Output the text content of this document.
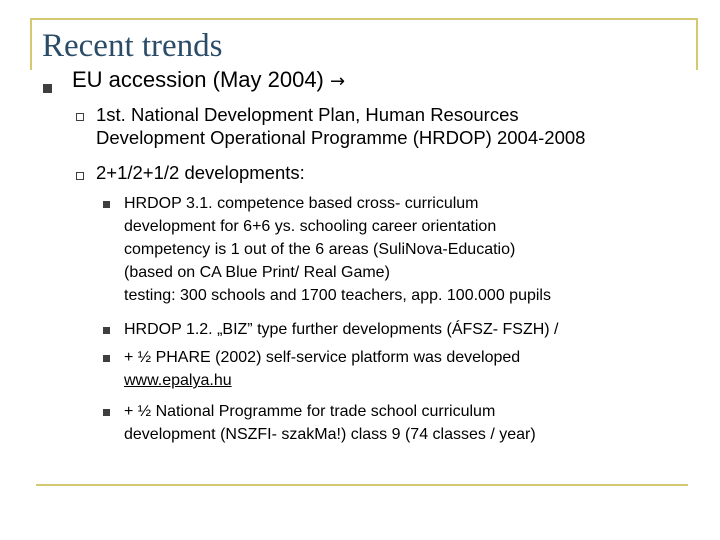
Recent trends
EU accession (May 2004) →
1st. National Development Plan, Human Resources
Development Operational Programme (HRDOP) 2004-2008
2+1/2+1/2 developments:
HRDOP 3.1. competence based cross- curriculum
development for 6+6 ys. schooling career orientation
competency is 1 out of the 6 areas (SuliNova-Educatio)
(based on CA Blue Print/ Real Game)
testing: 300 schools and 1700 teachers, app. 100.000 pupils
HRDOP 1.2. „BIZ” type further developments (ÁFSZ- FSZH) /
+ ½ PHARE (2002) self-service platform was developed
www.epalya.hu
+ ½ National Programme for trade school curriculum
development (NSZFI- szakMa!) class 9 (74 classes / year)
